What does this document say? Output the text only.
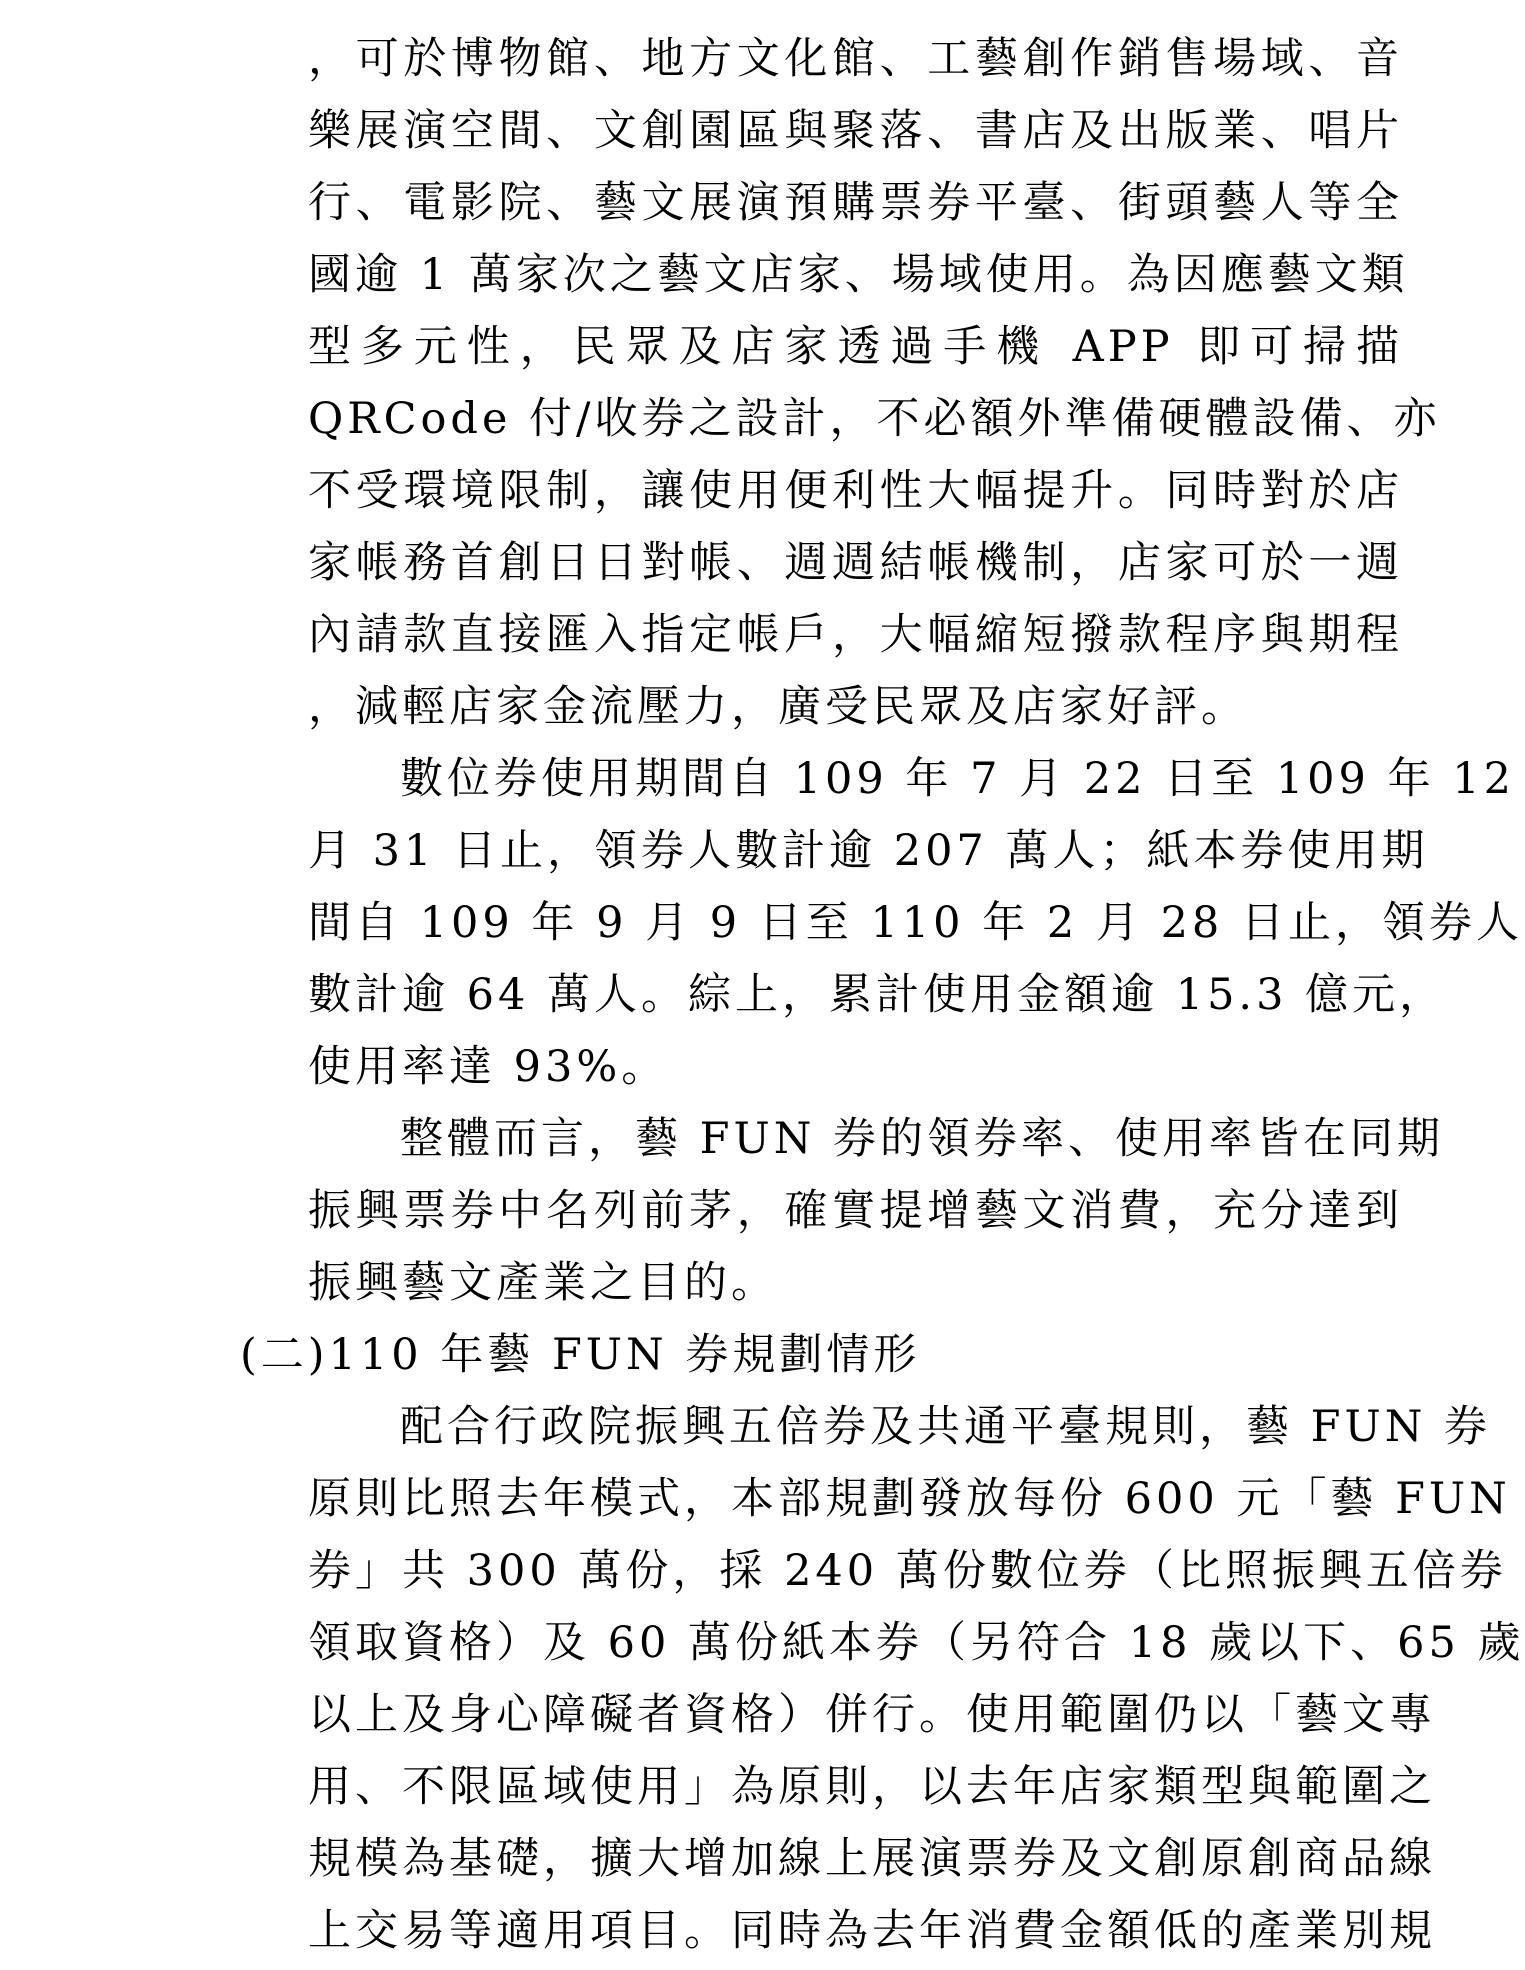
，可於博物館、地方文化館、工藝創作銷售場域、音
樂展演空間、文創園區與聚落、書店及出版業、唱片
行、電影院、藝文展演預購票券平臺、街頭藝人等全
國逾 1 萬家次之藝文店家、場域使用。為因應藝文類
型多元性，民眾及店家透過手機 APP 即可掃描
QRCode 付/收券之設計，不必額外準備硬體設備、亦
不受環境限制，讓使用便利性大幅提升。同時對於店
家帳務首創日日對帳、週週結帳機制，店家可於一週
內請款直接匯入指定帳戶，大幅縮短撥款程序與期程
，減輕店家金流壓力，廣受民眾及店家好評。
數位券使用期間自 109 年 7 月 22 日至 109 年 12
月 31 日止，領券人數計逾 207 萬人；紙本券使用期
間自 109 年 9 月 9 日至 110 年 2 月 28 日止，領券人
數計逾 64 萬人。綜上，累計使用金額逾 15.3 億元，
使用率達 93%。
整體而言，藝 FUN 券的領券率、使用率皆在同期
振興票券中名列前茅，確實提增藝文消費，充分達到
振興藝文產業之目的。
(二)110 年藝 FUN 券規劃情形
配合行政院振興五倍券及共通平臺規則，藝 FUN 券
原則比照去年模式，本部規劃發放每份 600 元「藝 FUN
券」共 300 萬份，採 240 萬份數位券（比照振興五倍券
領取資格）及 60 萬份紙本券（另符合 18 歲以下、65 歲
以上及身心障礙者資格）併行。使用範圍仍以「藝文專
用、不限區域使用」為原則，以去年店家類型與範圍之
規模為基礎，擴大增加線上展演票券及文創原創商品線
上交易等適用項目。同時為去年消費金額低的產業別規
